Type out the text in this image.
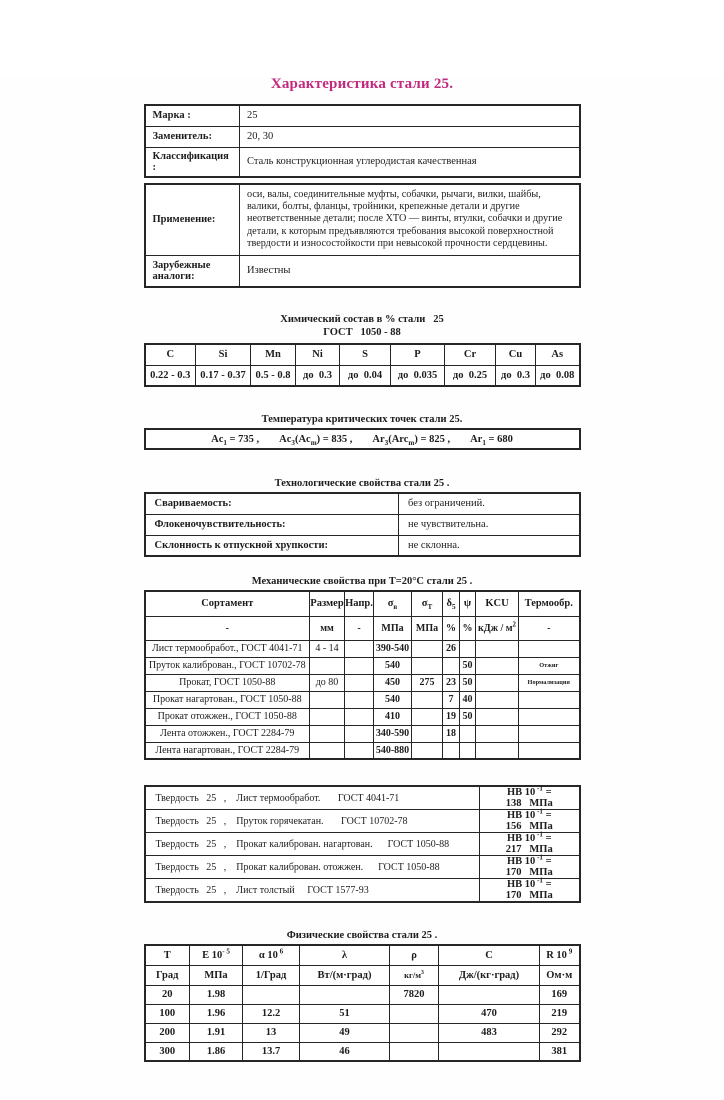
Характеристика стали 25.
Марка :	25
Заменитель:	20, 30
Классификация :	Сталь конструкционная углеродистая качественная
Применение:	оси, валы, соединительные муфты, собачки, рычаги, вилки, шайбы, валики, болты, фланцы, тройники, крепежные детали и другие неответственные детали; после ХТО — винты, втулки, собачки и другие детали, к которым предъявляются требования высокой поверхностной твердости и износостойкости при невысокой прочности сердцевины.
Зарубежные аналоги:	Известны
Химический состав в % стали   25
ГОСТ   1050 - 88
C	Si	Mn	Ni	S	P	Cr	Cu	As
0.22 - 0.3	0.17 - 0.37	0.5 - 0.8	до  0.3	до  0.04	до  0.035	до  0.25	до  0.3	до  0.08
Температура критических точек стали 25.
$Ac_1 = 735$ , $Ac_3(Ac_m) = 835$ , $Ar_3(Arc_m) = 825$ , $Ar_1 = 680$
Технологические свойства стали 25 .
Свариваемость:	без ограничений.
Флокеночувствительность:	не чувствительна.
Склонность к отпускной хрупкости:	не склонна.
Механические свойства при Т=20°С стали 25 .
Сортамент	Размер	Напр.	$\sigma_в$	$\sigma_Т$	$\delta_5$	ψ	KCU	Термообр.
-	мм	-	МПа	МПа	%	%	кДж / $м^2$	-
Лист термообработ., ГОСТ 4041-71	4 - 14		390-540		26			
Пруток калиброван., ГОСТ 10702-78			540			50		Отжиг
Прокат, ГОСТ 1050-88	до 80		450	275	23	50		Нормализация
Прокат нагартован., ГОСТ 1050-88			540		7	40		
Прокат отожжен., ГОСТ 1050-88			410		19	50		
Лента отожжен., ГОСТ 2284-79			340-590		18			
Лента нагартован., ГОСТ 2284-79			540-880					
Твердость   25   ,    Лист термообработ.       ГОСТ 4041-71	HB 10 $^{-1}$ = 138   МПа
Твердость   25   ,    Пруток горячекатан.       ГОСТ 10702-78	HB 10 $^{-1}$ = 156   МПа
Твердость   25   ,    Прокат калиброван. нагартован.      ГОСТ 1050-88	HB 10 $^{-1}$ = 217   МПа
Твердость   25   ,    Прокат калиброван. отожжен.      ГОСТ 1050-88	HB 10 $^{-1}$ = 170   МПа
Твердость   25   ,    Лист толстый     ГОСТ 1577-93	HB 10 $^{-1}$ = 170   МПа
Физические свойства стали 25 .
Т	Е $10^{- 5}$	α 10 $^6$	λ	ρ	С	R 10 $^9$
Град	МПа	1/Град	Вт/(м·град)	$кг/м^3$	Дж/(кг·град)	Ом·м
20	1.98			7820		169
100	1.96	12.2	51		470	219
200	1.91	13	49		483	292
300	1.86	13.7	46			381
